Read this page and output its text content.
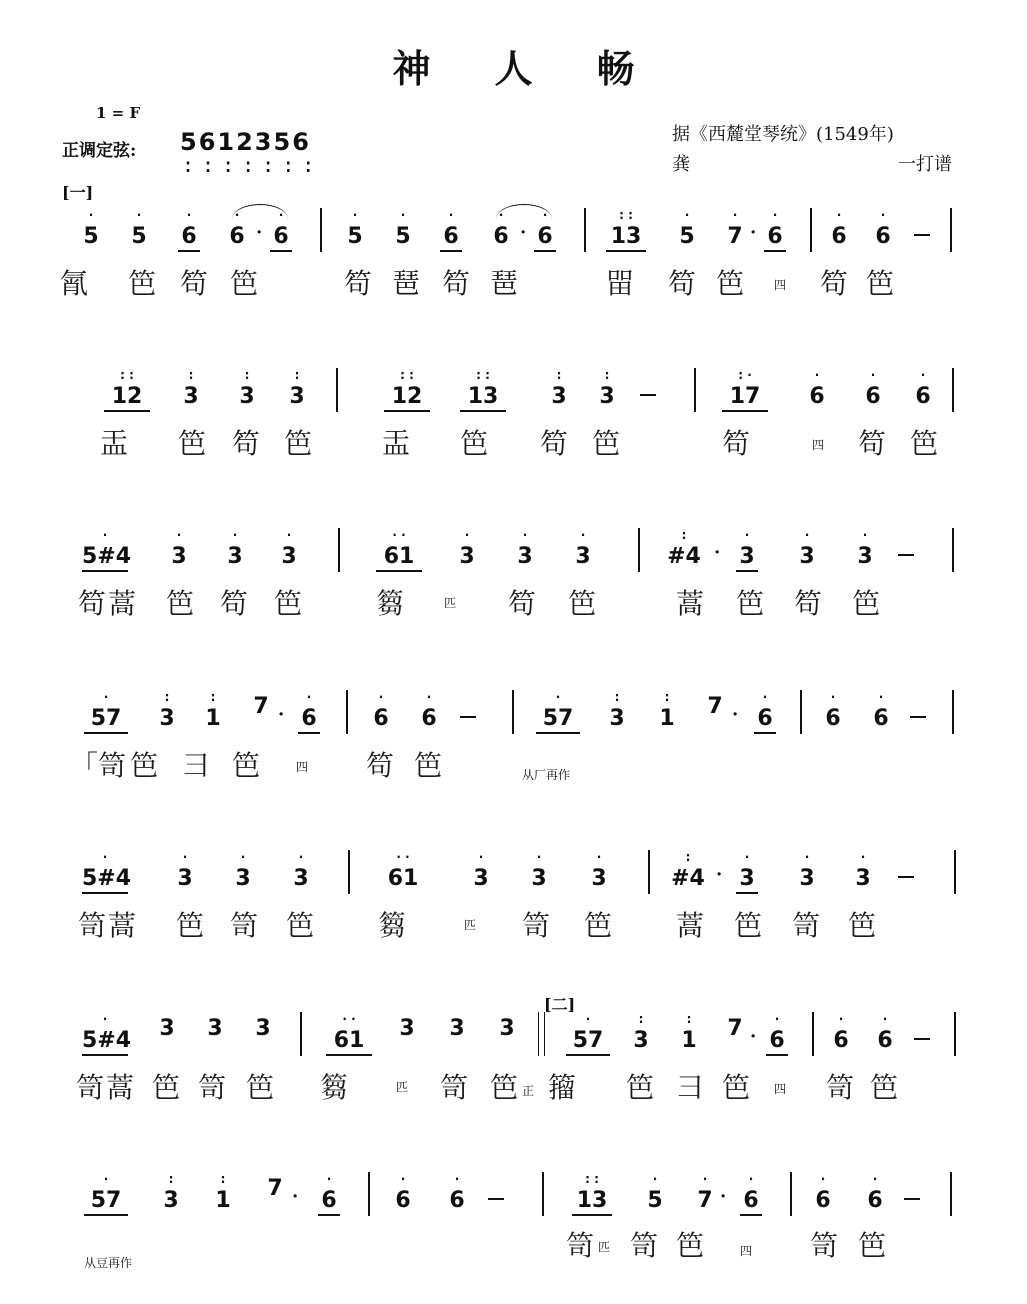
神人畅
1 = F
正调定弦: 5612356
:::::::
据《西麓堂琴统》(1549年)
龚	一打谱
[一]
[二]
·
5
·
5
·
6
·
6 ·
·
6
·
5
·
5
·
6
·
6 ·
·
6
: :
13
·
5
·
7 ·
·
6
·
6
·
6
㲵 笆 笱 笆	笱 琶 笱 琶	㽞 笱 笆 四 笱 笆
: :
12
:
3
:
3
:
3
: :
12
: :
13
:
3
:
3
: ·
17
·
6
·
6
·
6
㿻 笆 笱 笆 㿻 笆 笱 笆	笱	四 笱 笆
·
5#4
·
3
·
3
·
3
· ·
61
·
3
·
3
·
3
:
#4 ·
·
3
·
3
·
3
笱 蒿 笆 笱 笆	篘	匹 笱 笆	蒿 笆 笱 笆
·
57
:
3
:
1 7 ·
·
6
·
6
·
6
·
57
:
3
:
1 7 ·
·
6
·
6
·
6
「笥 笆 彐 笆	四 笱 笆	从厂再作
·
5#4
·
3
·
3
·
3
· ·
61
·
3
·
3
·
3
:
#4 ·
·
3
·
3
·
3
笥 蒿 笆 笥 笆 篘	匹 笥 笆 蒿 笆 笥 笆
·
5#4 3 3 3	· ·
61	3 3 3	·
57
:
3
:
1 7 ·
·
6
·
6
·
6
笥 蒿 笆 笥 笆 篘	匹 笥 笆 正 籀 笆 彐 笆 四 笥 笆
·
57
:
3
:
1 7 ·
·
6
·
6
·
6
: :
13
·
5
·
7 ·
·
6
·
6
·
6
从豆再作
笥 匹 笥 笆	四 笥 笆
